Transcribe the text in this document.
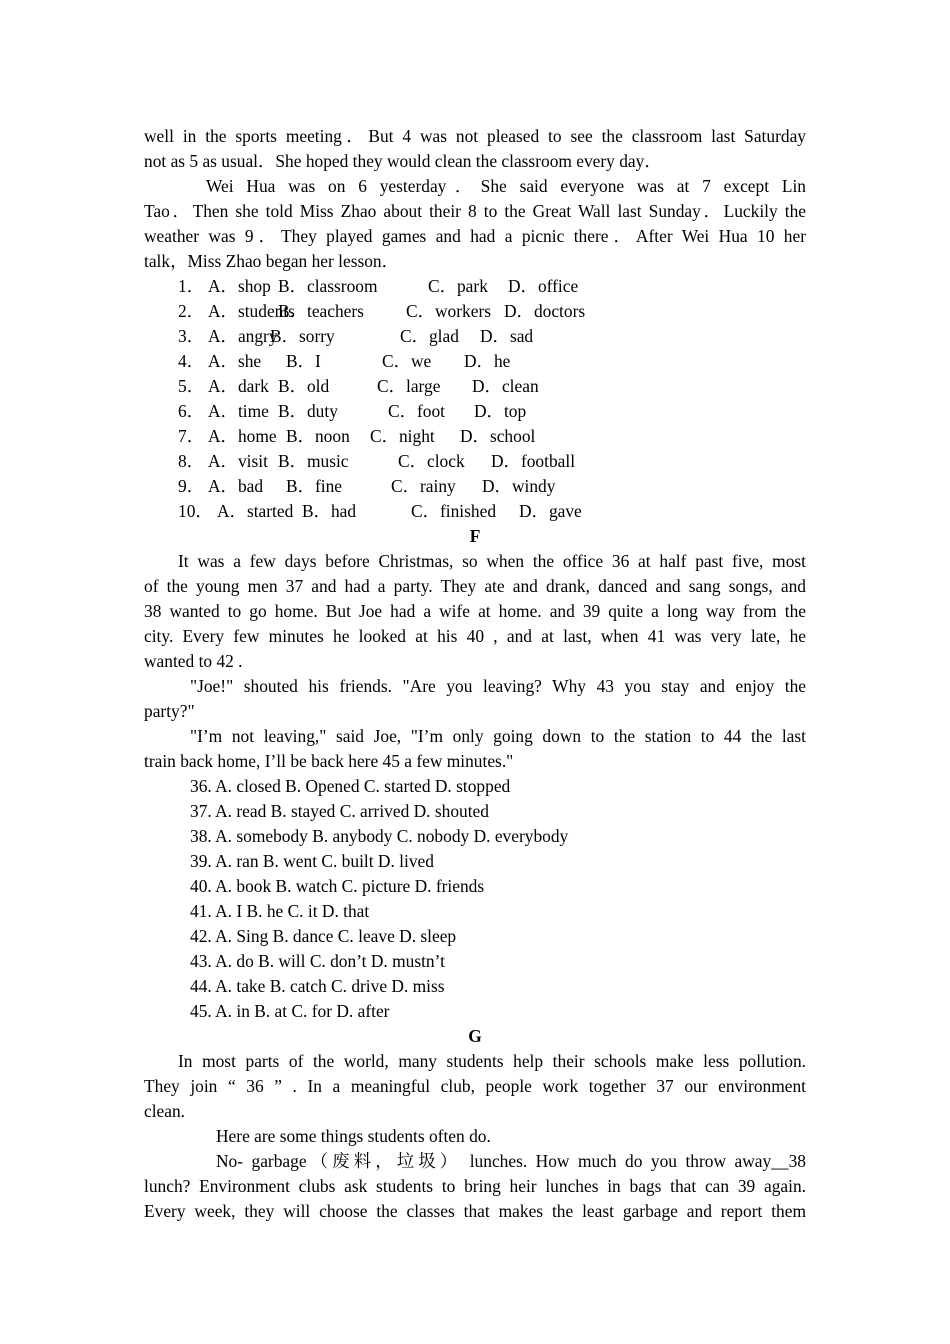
well in the sports meeting．But 4 was not pleased to see the classroom last Saturday
not as 5 as usual．She hoped they would clean the classroom every day．
Wei Hua was on 6 yesterday．She said everyone was at 7 except Lin
Tao．Then she told Miss Zhao about their 8 to the Great Wall last Sunday．Luckily the
weather was 9．They played games and had a picnic there．After Wei Hua 10 her
talk，Miss Zhao began her lesson．
1． A．shop B．classroom	C．park	D．office
2． A．students
B．teachers	C．workers D．doctors
3． A．angry
B．sorry	C．glad	D．sad
4． A．she	B．I	C．we	D．he
5． A．dark B．old	C．large	D．clean
6． A．time B．duty	C．foot	D．top
7． A．home B．noon	C．night	D．school
8． A．visit B．music	C．clock	D．football
9． A．bad	B．fine	C．rainy	D．windy
10． A．started B．had	C．finished	D．gave
F
It was a few days before Christmas, so when the office 36 at half past five, most
of the young men 37 and had a party. They ate and drank, danced and sang songs, and
38 wanted to go home. But Joe had a wife at home. and 39 quite a long way from the
city. Every few minutes he looked at his 40 , and at last, when 41 was very late, he
wanted to 42 .
"Joe!" shouted his friends. "Are you leaving? Why 43 you stay and enjoy the
party?"
"I’m not leaving," said Joe, "I’m only going down to the station to 44 the last
train back home, I’ll be back here 45 a few minutes."
36. A. closed B. Opened C. started D. stopped
37. A. read B. stayed C. arrived D. shouted
38. A. somebody B. anybody C. nobody D. everybody
39. A. ran B. went C. built D. lived
40. A. book B. watch C. picture D. friends
41. A. I B. he C. it D. that
42. A. Sing B. dance C. leave D. sleep
43. A. do B. will C. don’t D. mustn’t
44. A. take B. catch C. drive D. miss
45. A. in B. at C. for D. after
G
In most parts of the world, many students help their schools make less pollution.
They join “ 36 ” . In a meaningful club, people work together 37 our environment
clean.
Here are some things students often do.
No- garbage（废料，垃圾） lunches. How much do you throw away__38
lunch? Environment clubs ask students to bring heir lunches in bags that can 39 again.
Every week, they will choose the classes that makes the least garbage and report them
